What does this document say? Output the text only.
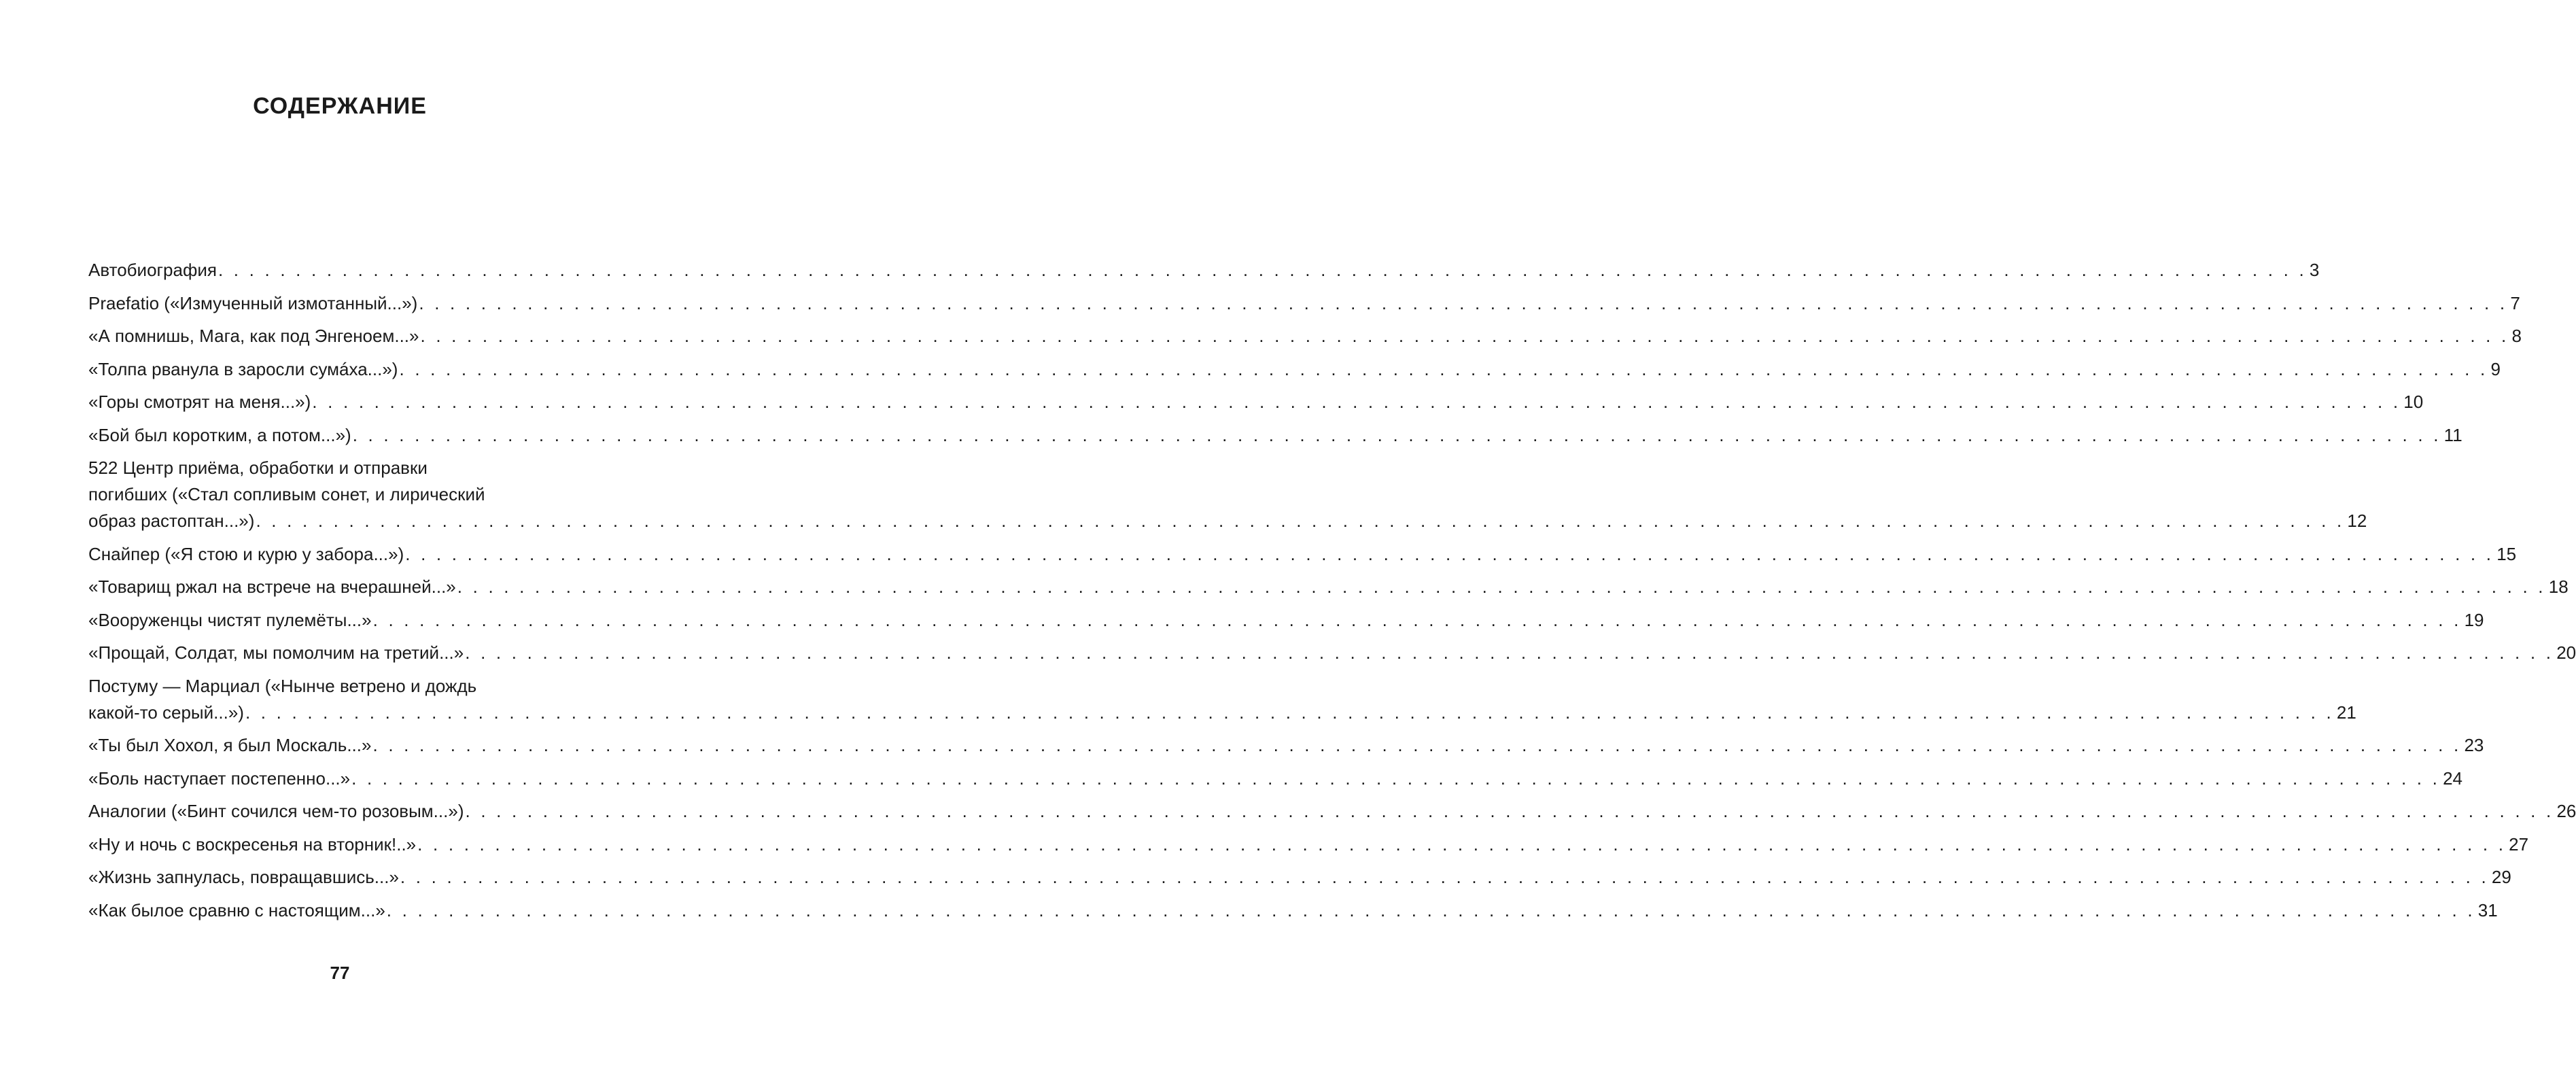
СОДЕРЖАНИЕ
Автобиография . . .	3
Praefatio («Измученный измотанный...») . . .	7
«А помнишь, Мага, как под Энгеноем...» . . .	8
«Толпа рванула в заросли сумáха...») . . .	9
«Горы смотрят на меня...») . . .	10
«Бой был коротким, а потом...») . . .	11
522 Центр приёма, обработки и отправки
погибших («Стал сопливым сонет, и лирический
образ растоптан...») . . .	12
Снайпер («Я стою и курю у забора...») . . .	15
«Товарищ ржал на встрече на вчерашней...» . . .	18
«Вооруженцы чистят пулемёты...» . . .	19
«Прощай, Солдат, мы помолчим на третий...» . . .	20
Постуму — Марциал («Нынче ветрено и дождь
какой-то серый...») . . .	21
«Ты был Хохол, я был Москаль...» . . .	23
«Боль наступает постепенно...» . . .	24
Аналогии («Бинт сочился чем-то розовым...») . . .	26
«Ну и ночь с воскресенья на вторник!..» . . .	27
«Жизнь запнулась, повращавшись...» . . .	29
«Как былое сравню с настоящим...» . . .	31
77
